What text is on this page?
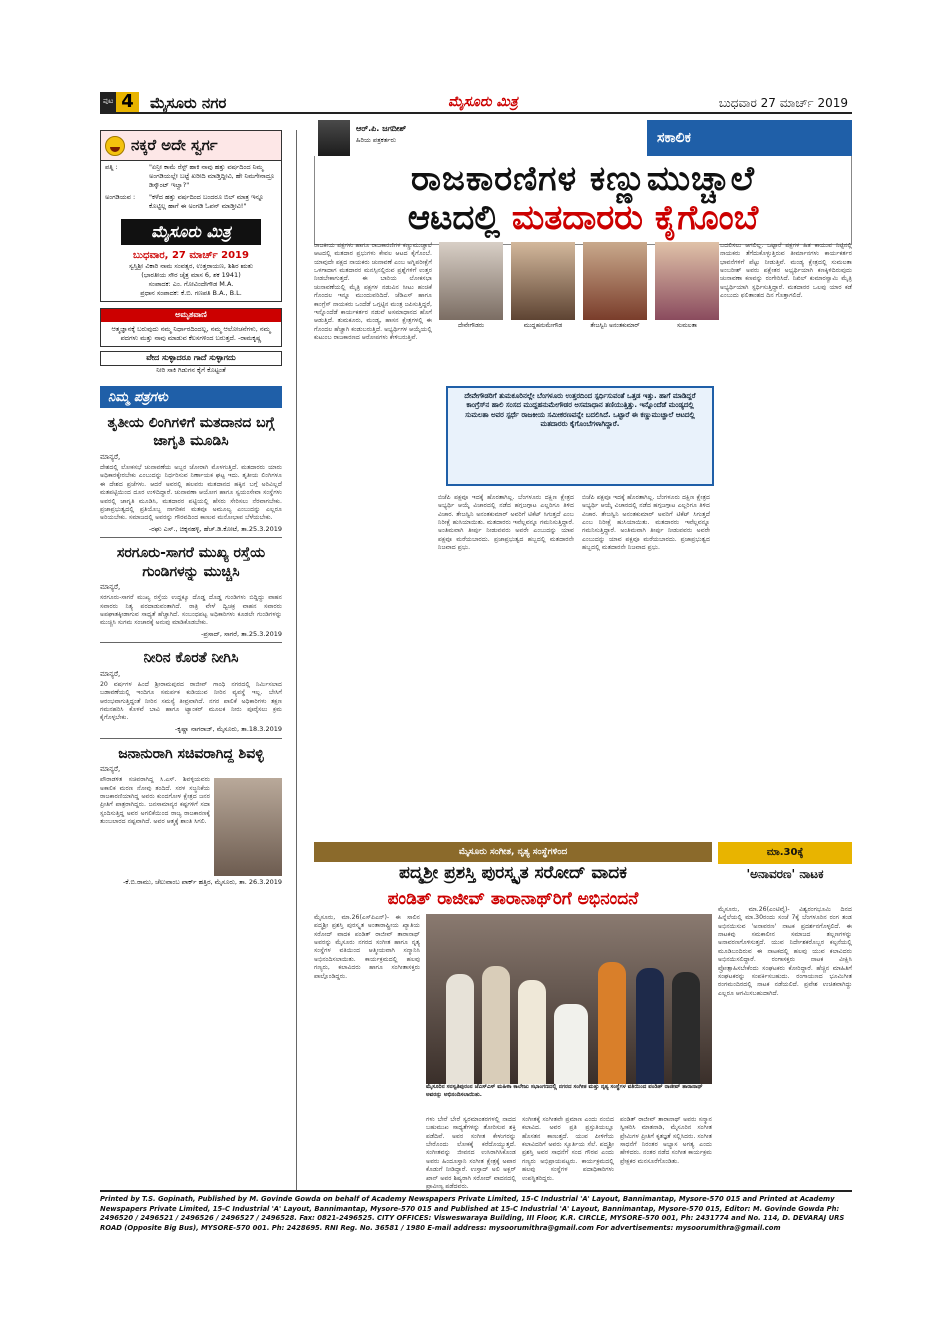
ಪುಟ 4	ಮೈಸೂರು ನಗರ	ಮೈಸೂರು ಮಿತ್ರ	ಬುಧವಾರ 27 ಮಾರ್ಚ್ 2019
ನಕ್ಕರೆ ಅದೇ ಸ್ವರ್ಗ
ಪತ್ನಿ :	"ಏನ್ರೀ ಕಾಮೆ ರೆಸ್ಟ್ ಹಾಕಿ ನಾವು ಹತ್ತು ವರ್ಷದಿಂದ ನಿಮ್ಮ ಅಂಗಡಿಯಲ್ಲೇ ಬಟ್ಟೆ ಖರೀದಿ ಮಾಡ್ತಿದ್ದೀವಿ, ಹೇ ನಿಮಗೇನಾದ್ರೂ ಡಿಸ್ಕೌಂಟ್ ಇಲ್ವಾ?"
ಅಂಗಡಿಯವ :	"ಕಳೆದ ಹತ್ತು ವರ್ಷದಿಂದ ಬಂದರೂ ಬಿಲ್ ಮಾತ್ರ ಇನ್ನೂ ಕೊಟ್ಟಿಲ್ಲ ಹಾಗೆ ಈ ಅಂಗಡಿ ಓಪನ್ ಮಾಡ್ತೀವಿ!"
ಮೈಸೂರು ಮಿತ್ರ
ಬುಧವಾರ, 27 ಮಾರ್ಚ್ 2019
ಸ್ವಸ್ತಿಶ್ರೀ ವಿಕಾರಿ ನಾಮ ಸಂವತ್ಸರ, ಉತ್ತರಾಯಣ, ಶಿಶಿರ ಋತು
(ಭಾರತೀಯ ಸೌರ ಚೈತ್ರ ಮಾಸ 6, ಶಕ 1941)
ಸಂಪಾದಕ: ಎಂ. ಗೋವಿಂದೇಗೌಡ M.A.
ಪ್ರಧಾನ ಸಂಪಾದಕ: ಕೆ.ಬಿ. ಗಣಪತಿ B.A., B.L.
ಅಮೃತವಾಣಿ
ಆತ್ಮಜ್ಞಾನಕ್ಕೆ ಬರುವುದು ನಮ್ಮ ನಿರ್ಧಾರದಿಂದಲ್ಲ, ನಮ್ಮ ಆಲೋಚನೆಗಳು, ನಮ್ಮ ಪದಗಳು ಮತ್ತು ನಾವು ಮಾಡುವ ಕೆಲಸಗಳಿಂದ ಬರುತ್ತದೆ. -ರಾಮಕೃಷ್ಣ
ವೇದ ಸುಳ್ಳಾದರೂ ಗಾದೆ ಸುಳ್ಳಾಗದು
ನೀರಿ ಸಾಕಿ ಗಿಡುಗನ ಕೈಗೆ ಕೊಟ್ಟಂತೆ
ನಿಮ್ಮ ಪತ್ರಗಳು
ತೃತೀಯ ಲಿಂಗಿಗಳಿಗೆ ಮತದಾನದ ಬಗ್ಗೆ ಜಾಗೃತಿ ಮೂಡಿಸಿ
ಮಾನ್ಯರೆ,
ದೇಶದಲ್ಲಿ ಲೋಕಸಭೆ ಚುನಾವಣೆಯ ಅಬ್ಬರ ಜೋರಾಗಿ ಮೊಳಗುತ್ತಿದೆ. ಮತದಾರರು ಯಾರು ಅಧಿಕಾರಕ್ಕೇರಬೇಕು ಎಂಬುದನ್ನು ನಿರ್ಧರಿಸುವ ನಿರ್ಣಾಯಕ ಘಟ್ಟ ಇದು. ತೃತೀಯ ಲಿಂಗಿಗಳೂ ಈ ದೇಶದ ಪ್ರಜೆಗಳು. ಆದರೆ ಅವರಲ್ಲಿ ಹಲವರು ಮತದಾನದ ಹಕ್ಕಿನ ಬಗ್ಗೆ ಅರಿವಿಲ್ಲದೆ ಮತಪಟ್ಟಿಯಿಂದ ದೂರ ಉಳಿದಿದ್ದಾರೆ. ಚುನಾವಣಾ ಆಯೋಗ ಹಾಗೂ ಸ್ವಯಂಸೇವಾ ಸಂಸ್ಥೆಗಳು ಅವರಲ್ಲಿ ಜಾಗೃತಿ ಮೂಡಿಸಿ, ಮತದಾರರ ಪಟ್ಟಿಯಲ್ಲಿ ಹೆಸರು ಸೇರಿಸಲು ನೆರವಾಗಬೇಕು. ಪ್ರಜಾಪ್ರಭುತ್ವದಲ್ಲಿ ಪ್ರತಿಯೊಬ್ಬ ನಾಗರಿಕನ ಮತವೂ ಅಮೂಲ್ಯ ಎಂಬುದನ್ನು ಎಲ್ಲರೂ ಅರಿಯಬೇಕು. ಸಮಾಜದಲ್ಲಿ ಅವರನ್ನು ಗೌರವದಿಂದ ಕಾಣುವ ಮನೋಭಾವ ಬೆಳೆಯಬೇಕು.
-ರಘು ಎಸ್., ಚಿಕ್ಕನಹಳ್ಳಿ, ಹೆಚ್.ಡಿ.ಕೋಟೆ, ತಾ.25.3.2019
ಸರಗೂರು-ಸಾಗರೆ ಮುಖ್ಯ ರಸ್ತೆಯ ಗುಂಡಿಗಳನ್ನು ಮುಚ್ಚಿಸಿ
ಮಾನ್ಯರೆ,
ಸರಗೂರು-ಸಾಗರೆ ಮುಖ್ಯ ರಸ್ತೆಯ ಉದ್ದಕ್ಕೂ ದೊಡ್ಡ ದೊಡ್ಡ ಗುಂಡಿಗಳು ಬಿದ್ದಿದ್ದು ವಾಹನ ಸವಾರರು ನಿತ್ಯ ಪರದಾಡುವಂತಾಗಿದೆ. ರಾತ್ರಿ ವೇಳೆ ದ್ವಿಚಕ್ರ ವಾಹನ ಸವಾರರು ಅಪಘಾತಕ್ಕೀಡಾಗುವ ಸಾಧ್ಯತೆ ಹೆಚ್ಚಾಗಿದೆ. ಸಂಬಂಧಪಟ್ಟ ಅಧಿಕಾರಿಗಳು ಕೂಡಲೇ ಗುಂಡಿಗಳನ್ನು ಮುಚ್ಚಿಸಿ ಸುಗಮ ಸಂಚಾರಕ್ಕೆ ಅನುವು ಮಾಡಿಕೊಡಬೇಕು.
-ಪ್ರಸಾದ್, ಸಾಗರೆ, ತಾ.25.3.2019
ನೀರಿನ ಕೊರತೆ ನೀಗಿಸಿ
ಮಾನ್ಯರೆ,
20 ವರ್ಷಗಳ ಹಿಂದೆ ಶ್ರೀರಾಮಪುರದ ರಾಜೀವ್ ಗಾಂಧಿ ನಗರದಲ್ಲಿ ನಿರ್ಮಿಸಲಾದ ಬಡಾವಣೆಯಲ್ಲಿ ಇಂದಿಗೂ ಸಮರ್ಪಕ ಕುಡಿಯುವ ನೀರಿನ ವ್ಯವಸ್ಥೆ ಇಲ್ಲ. ಬೇಸಿಗೆ ಆರಂಭವಾಗುತ್ತಿದ್ದಂತೆ ನೀರಿನ ಸಮಸ್ಯೆ ತೀವ್ರವಾಗಿದೆ. ನಗರ ಪಾಲಿಕೆ ಅಧಿಕಾರಿಗಳು ತಕ್ಷಣ ಗಮನಹರಿಸಿ ಕೊಳವೆ ಬಾವಿ ಹಾಗೂ ಟ್ಯಾಂಕರ್ ಮೂಲಕ ನೀರು ಪೂರೈಸಲು ಕ್ರಮ ಕೈಗೊಳ್ಳಬೇಕು.
-ಕೃಷ್ಣಾ ನಾಗರಾಜ್, ಮೈಸೂರು, ತಾ.18.3.2019
ಜನಾನುರಾಗಿ ಸಚಿವರಾಗಿದ್ದ ಶಿವಳ್ಳಿ
ಮಾನ್ಯರೆ,
ಪೌರಾಡಳಿತ ಸಚಿವರಾಗಿದ್ದ ಸಿ.ಎಸ್. ಶಿವಳ್ಳಿಯವರು ಅಕಾಲಿಕ ಮರಣ ನೋವು ತಂದಿದೆ. ಸರಳ ಸಜ್ಜನಿಕೆಯ ರಾಜಕಾರಣಿಯಾಗಿದ್ದ ಅವರು ಕುಂದಗೋಳ ಕ್ಷೇತ್ರದ ಜನರ ಪ್ರೀತಿಗೆ ಪಾತ್ರರಾಗಿದ್ದರು. ಜನಸಾಮಾನ್ಯರ ಕಷ್ಟಗಳಿಗೆ ಸದಾ ಸ್ಪಂದಿಸುತ್ತಿದ್ದ ಅವರ ಅಗಲಿಕೆಯಿಂದ ರಾಜ್ಯ ರಾಜಕಾರಣಕ್ಕೆ ತುಂಬಲಾರದ ನಷ್ಟವಾಗಿದೆ. ಅವರ ಆತ್ಮಕ್ಕೆ ಶಾಂತಿ ಸಿಗಲಿ.
-ಕೆ.ಬಿ.ರಾಮು, ಚೆಲುವಾಂಬ ಪಾರ್ಕ್ ಹತ್ತಿರ, ಮೈಸೂರು, ತಾ. 26.3.2019
ಆರ್.ಪಿ. ಜಗದೀಶ್
ಹಿರಿಯ ಪತ್ರಕರ್ತರು	ಸಕಾಲಿಕ
ರಾಜಕಾರಣಿಗಳ ಕಣ್ಣುಮುಚ್ಚಾಲೆ
ಆಟದಲ್ಲಿ ಮತದಾರರು ಕೈಗೊಂಬೆ
ರಾಜಕೀಯ ಪಕ್ಷಗಳು ಹಾಗೂ ರಾಜಕಾರಣಿಗಳ ಕಣ್ಣುಮುಚ್ಚಾಲೆ ಆಟದಲ್ಲಿ ಮತದಾರ ಪ್ರಭುಗಳು ಕೇವಲ ಆಟದ ಕೈಗೊಂಬೆ. ಯಾವುದೇ ಪಕ್ಷದ ನಾಯಕರು ಚುನಾವಣೆ ಎಂಬ ಅಗ್ನಿಪರೀಕ್ಷೆಗೆ ಒಳಗಾದಾಗ ಮತದಾರರ ಮನಸ್ಸಿನಲ್ಲಿರುವ ಪ್ರಶ್ನೆಗಳಿಗೆ ಉತ್ತರ ನೀಡಬೇಕಾಗುತ್ತದೆ. ಈ ಬಾರಿಯ ಲೋಕಸಭಾ ಚುನಾವಣೆಯಲ್ಲಿ ಮೈತ್ರಿ ಪಕ್ಷಗಳ ನಡುವಿನ ಸೀಟು ಹಂಚಿಕೆ ಗೊಂದಲ ಇನ್ನೂ ಮುಂದುವರಿದಿದೆ. ಜೆಡಿಎಸ್ ಹಾಗೂ ಕಾಂಗ್ರೆಸ್ ನಾಯಕರು ಒಂದೆಡೆ ಒಗ್ಗಟ್ಟಿನ ಮಂತ್ರ ಜಪಿಸುತ್ತಿದ್ದರೆ, ಇನ್ನೊಂದೆಡೆ ಕಾರ್ಯಕರ್ತರ ನಡುವೆ ಅಸಮಾಧಾನದ ಹೊಗೆ ಆಡುತ್ತಿದೆ. ತುಮಕೂರು, ಮಂಡ್ಯ, ಹಾಸನ ಕ್ಷೇತ್ರಗಳಲ್ಲಿ ಈ ಗೊಂದಲ ಹೆಚ್ಚಾಗಿ ಕಂಡುಬರುತ್ತಿದೆ. ಅಭ್ಯರ್ಥಿಗಳ ಆಯ್ಕೆಯಲ್ಲಿ ಕುಟುಂಬ ರಾಜಕಾರಣದ ಆರೋಪಗಳು ಕೇಳಿಬರುತ್ತಿವೆ.
ದೇವೇಗೌಡರು	ಮುದ್ದಹನುಮೇಗೌಡ	ತೇಜಸ್ವಿನಿ ಅನಂತಕುಮಾರ್	ಸುಮಲತಾ
ದೇವೇಗೌಡರಿಗೆ ತುಮಕೂರಿನಲ್ಲೇ ಬೆಂಗಳೂರು ಉತ್ತರದಿಂದ ಸ್ಪರ್ಧಿಸುವಂತೆ ಒತ್ತಡ ಇತ್ತು. ಹಾಗೆ ಮಾಡಿದ್ದರೆ ಕಾಂಗ್ರೆಸ್‌ನ ಹಾಲಿ ಸಂಸದ ಮುದ್ದಹನುಮೇಗೌಡರ ಅಸಮಾಧಾನ ತಣಿಯುತ್ತಿತ್ತು. ಇನ್ನೊಂದೆಡೆ ಮಂಡ್ಯದಲ್ಲಿ ಸುಮಲತಾ ಅವರ ಸ್ಪರ್ಧೆ ರಾಜಕೀಯ ಸಮೀಕರಣವನ್ನೇ ಬದಲಿಸಿದೆ. ಒಟ್ಟಾರೆ ಈ ಕಣ್ಣುಮುಚ್ಚಾಲೆ ಆಟದಲ್ಲಿ ಮತದಾರರು ಕೈಗೊಂಬೆಗಳಾಗಿದ್ದಾರೆ.
ಬಿಜೆಪಿ ಪಕ್ಷವೂ ಇದಕ್ಕೆ ಹೊರತಾಗಿಲ್ಲ. ಬೆಂಗಳೂರು ದಕ್ಷಿಣ ಕ್ಷೇತ್ರದ ಅಭ್ಯರ್ಥಿ ಆಯ್ಕೆ ವಿಚಾರದಲ್ಲಿ ನಡೆದ ಹಗ್ಗಜಗ್ಗಾಟ ಎಲ್ಲರಿಗೂ ತಿಳಿದ ವಿಚಾರ. ತೇಜಸ್ವಿನಿ ಅನಂತಕುಮಾರ್ ಅವರಿಗೆ ಟಿಕೆಟ್ ಸಿಗುತ್ತದೆ ಎಂಬ ನಿರೀಕ್ಷೆ ಹುಸಿಯಾಯಿತು. ಮತದಾರರು ಇವೆಲ್ಲವನ್ನೂ ಗಮನಿಸುತ್ತಿದ್ದಾರೆ. ಅಂತಿಮವಾಗಿ ತೀರ್ಪು ನೀಡುವವರು ಅವರೇ ಎಂಬುದನ್ನು ಯಾವ ಪಕ್ಷವೂ ಮರೆಯಬಾರದು. ಪ್ರಜಾಪ್ರಭುತ್ವದ ಹಬ್ಬದಲ್ಲಿ ಮತದಾರನೇ ನಿಜವಾದ ಪ್ರಭು.
ಬಿಜೆಪಿ ಪಕ್ಷವೂ ಇದಕ್ಕೆ ಹೊರತಾಗಿಲ್ಲ. ಬೆಂಗಳೂರು ದಕ್ಷಿಣ ಕ್ಷೇತ್ರದ ಅಭ್ಯರ್ಥಿ ಆಯ್ಕೆ ವಿಚಾರದಲ್ಲಿ ನಡೆದ ಹಗ್ಗಜಗ್ಗಾಟ ಎಲ್ಲರಿಗೂ ತಿಳಿದ ವಿಚಾರ. ತೇಜಸ್ವಿನಿ ಅನಂತಕುಮಾರ್ ಅವರಿಗೆ ಟಿಕೆಟ್ ಸಿಗುತ್ತದೆ ಎಂಬ ನಿರೀಕ್ಷೆ ಹುಸಿಯಾಯಿತು. ಮತದಾರರು ಇವೆಲ್ಲವನ್ನೂ ಗಮನಿಸುತ್ತಿದ್ದಾರೆ. ಅಂತಿಮವಾಗಿ ತೀರ್ಪು ನೀಡುವವರು ಅವರೇ ಎಂಬುದನ್ನು ಯಾವ ಪಕ್ಷವೂ ಮರೆಯಬಾರದು. ಪ್ರಜಾಪ್ರಭುತ್ವದ ಹಬ್ಬದಲ್ಲಿ ಮತದಾರನೇ ನಿಜವಾದ ಪ್ರಭು.
ಬದಲಿಸಲು ಆಗಲಿಲ್ಲ. ಒಟ್ಟಾರೆ ಪಕ್ಷಗಳ ಹಿತ ಕಾಯುವ ನಿಟ್ಟಿನಲ್ಲಿ ನಾಯಕರು ತೆಗೆದುಕೊಳ್ಳುತ್ತಿರುವ ತೀರ್ಮಾನಗಳು ಕಾರ್ಯಕರ್ತರ ಭಾವನೆಗಳಿಗೆ ಪೆಟ್ಟು ನೀಡುತ್ತಿವೆ. ಮಂಡ್ಯ ಕ್ಷೇತ್ರದಲ್ಲಿ ಸುಮಲತಾ ಅಂಬರೀಶ್ ಅವರು ಪಕ್ಷೇತರ ಅಭ್ಯರ್ಥಿಯಾಗಿ ಕಣಕ್ಕಿಳಿದಿರುವುದು ಚುನಾವಣಾ ಕಣವನ್ನು ರಂಗೇರಿಸಿದೆ. ನಿಖಿಲ್ ಕುಮಾರಸ್ವಾಮಿ ಮೈತ್ರಿ ಅಭ್ಯರ್ಥಿಯಾಗಿ ಸ್ಪರ್ಧಿಸುತ್ತಿದ್ದಾರೆ. ಮತದಾರರ ಒಲವು ಯಾರ ಕಡೆ ಎಂಬುದು ಫಲಿತಾಂಶದ ದಿನ ಗೊತ್ತಾಗಲಿದೆ.
ಮೈಸೂರು ಸಂಗೀತ, ನೃತ್ಯ ಸಂಸ್ಥೆಗಳಿಂದ
ಪದ್ಮಶ್ರೀ ಪ್ರಶಸ್ತಿ ಪುರಸ್ಕೃತ ಸರೋದ್ ವಾದಕ
ಪಂಡಿತ್ ರಾಜೀವ್ ತಾರಾನಾಥ್‌ರಿಗೆ ಅಭಿನಂದನೆ
ಮೈಸೂರು, ಮಾ.26(ಎಸ್‌ಪಿಎನ್)- ಈ ಸಾಲಿನ ಪದ್ಮಶ್ರೀ ಪ್ರಶಸ್ತಿ ಪುರಸ್ಕೃತ ಅಂತಾರಾಷ್ಟ್ರೀಯ ಖ್ಯಾತಿಯ ಸರೋದ್ ವಾದಕ ಪಂಡಿತ್ ರಾಜೀವ್ ತಾರಾನಾಥ್ ಅವರನ್ನು ಮೈಸೂರು ನಗರದ ಸಂಗೀತ ಹಾಗೂ ನೃತ್ಯ ಸಂಸ್ಥೆಗಳ ವತಿಯಿಂದ ಆತ್ಮೀಯವಾಗಿ ಸನ್ಮಾನಿಸಿ ಅಭಿನಂದಿಸಲಾಯಿತು. ಕಾರ್ಯಕ್ರಮದಲ್ಲಿ ಹಲವು ಗಣ್ಯರು, ಕಲಾವಿದರು ಹಾಗೂ ಸಂಗೀತಾಸಕ್ತರು ಪಾಲ್ಗೊಂಡಿದ್ದರು.
ಮೈಸೂರಿನ ಸರಸ್ವತಿಪುರಂನ ಜೆಎಸ್‌ಎಸ್ ಮಹಿಳಾ ಕಾಲೇಜು ಸಭಾಂಗಣದಲ್ಲಿ ನಗರದ ಸಂಗೀತ ಮತ್ತು ನೃತ್ಯ ಸಂಸ್ಥೆಗಳ ವತಿಯಿಂದ ಪಂಡಿತ್ ರಾಜೀವ್ ತಾರಾನಾಥ್ ಅವರನ್ನು ಅಭಿನಂದಿಸಲಾಯಿತು.
ಗಳು ಬೇರೆ ಬೇರೆ ಸ್ವರಮಾಂತರಗಳಲ್ಲಿ ನಾದದ ಬಹುಮುಖ ಸಾಧ್ಯತೆಗಳನ್ನು ತೋರಿಸುವ ಶಕ್ತಿ ಪಡೆದಿವೆ. ಅವರ ಸಂಗೀತ ಕೇಳುಗರನ್ನು ಬೇರೊಂದು ಲೋಕಕ್ಕೆ ಕರೆದೊಯ್ಯುತ್ತದೆ. ಸಂಗೀತವನ್ನು ಜೀವನದ ಉಸಿರಾಗಿಸಿಕೊಂಡ ಅವರು ಹಿಂದೂಸ್ತಾನಿ ಸಂಗೀತ ಕ್ಷೇತ್ರಕ್ಕೆ ಅಪಾರ ಕೊಡುಗೆ ನೀಡಿದ್ದಾರೆ. ಉಸ್ತಾದ್ ಅಲಿ ಅಕ್ಬರ್ ಖಾನ್ ಅವರ ಶಿಷ್ಯರಾಗಿ ಸರೋದ್ ವಾದನದಲ್ಲಿ ಪ್ರಾವೀಣ್ಯ ಪಡೆದವರು.
ಸಂಗೀತಕ್ಕೆ ಸಂಗೀತವೇ ಪ್ರಮಾಣ ಎಂದು ನಂಬಿದ ಕಲಾವಿದ. ಅವರ ಪ್ರತಿ ಪ್ರಸ್ತುತಿಯಲ್ಲೂ ಹೊಸತನ ಕಾಣುತ್ತದೆ. ಯುವ ಪೀಳಿಗೆಯ ಕಲಾವಿದರಿಗೆ ಅವರು ಸ್ಫೂರ್ತಿಯ ಸೆಲೆ. ಪದ್ಮಶ್ರೀ ಪ್ರಶಸ್ತಿ ಅವರ ಸಾಧನೆಗೆ ಸಂದ ಗೌರವ ಎಂದು ಗಣ್ಯರು ಅಭಿಪ್ರಾಯಪಟ್ಟರು. ಕಾರ್ಯಕ್ರಮದಲ್ಲಿ ಹಲವು ಸಂಸ್ಥೆಗಳ ಪದಾಧಿಕಾರಿಗಳು ಉಪಸ್ಥಿತರಿದ್ದರು.
ಪಂಡಿತ್ ರಾಜೀವ್ ತಾರಾನಾಥ್ ಅವರು ಸನ್ಮಾನ ಸ್ವೀಕರಿಸಿ ಮಾತನಾಡಿ, ಮೈಸೂರಿನ ಸಂಗೀತ ಪ್ರೇಮಿಗಳ ಪ್ರೀತಿಗೆ ಕೃತಜ್ಞತೆ ಸಲ್ಲಿಸಿದರು. ಸಂಗೀತ ಸಾಧನೆಗೆ ನಿರಂತರ ಅಭ್ಯಾಸ ಅಗತ್ಯ ಎಂದು ಹೇಳಿದರು. ನಂತರ ನಡೆದ ಸಂಗೀತ ಕಾರ್ಯಕ್ರಮ ಪ್ರೇಕ್ಷಕರ ಮನಸೂರೆಗೊಂಡಿತು.
ಮಾ.30ಕ್ಕೆ
'ಅನಾವರಣ' ನಾಟಕ
ಮೈಸೂರು, ಮಾ.26(ಎಂಟಿವೈ)- ವಿಶ್ವರಂಗಭೂಮಿ ದಿನದ ಹಿನ್ನೆಲೆಯಲ್ಲಿ ಮಾ.30ರಂದು ಸಂಜೆ 7ಕ್ಕೆ ಬೆಂಗಳೂರಿನ ರಂಗ ತಂಡ ಅಭಿನಯಿಸುವ 'ಅನಾವರಣ' ನಾಟಕ ಪ್ರದರ್ಶನಗೊಳ್ಳಲಿದೆ. ಈ ನಾಟಕವು ಸಮಕಾಲೀನ ಸಮಾಜದ ತಲ್ಲಣಗಳನ್ನು ಅನಾವರಣಗೊಳಿಸುತ್ತದೆ. ಯುವ ನಿರ್ದೇಶಕರೊಬ್ಬರ ಕಲ್ಪನೆಯಲ್ಲಿ ಮೂಡಿಬಂದಿರುವ ಈ ನಾಟಕದಲ್ಲಿ ಹಲವು ಯುವ ಕಲಾವಿದರು ಅಭಿನಯಿಸಲಿದ್ದಾರೆ. ರಂಗಾಸಕ್ತರು ನಾಟಕ ವೀಕ್ಷಿಸಿ ಪ್ರೋತ್ಸಾಹಿಸಬೇಕೆಂದು ಸಂಘಟಕರು ಕೋರಿದ್ದಾರೆ. ಹೆಚ್ಚಿನ ಮಾಹಿತಿಗೆ ಸಂಘಟಕರನ್ನು ಸಂಪರ್ಕಿಸಬಹುದು. ರಂಗಾಯಣದ ಭೂಮಿಗೀತ ರಂಗಮಂದಿರದಲ್ಲಿ ನಾಟಕ ನಡೆಯಲಿದೆ. ಪ್ರವೇಶ ಉಚಿತವಾಗಿದ್ದು ಎಲ್ಲರೂ ಆಗಮಿಸಬಹುದಾಗಿದೆ.
Printed by T.S. Gopinath, Published by M. Govinde Gowda on behalf of Academy Newspapers Private Limited, 15-C Industrial 'A' Layout, Bannimantap, Mysore-570 015 and Printed at Academy Newspapers Private Limited, 15-C Industrial 'A' Layout, Bannimantap, Mysore-570 015 and Published at 15-C Industrial 'A' Layout, Bannimantap, Mysore-570 015, Editor: M. Govinde Gowda Ph: 2496520 / 2496521 / 2496526 / 2496527 / 2496528. Fax: 0821-2496525. CITY OFFICES: Visweswaraya Building, III Floor, K.R. CIRCLE, MYSORE-570 001, Ph: 2431774 and No. 114, D. DEVARAJ URS ROAD (Opposite Big Bus), MYSORE-570 001. Ph: 2428695. RNI Reg. No. 36581 / 1980 E-mail address: mysoorumithra@gmail.com For advertisements: mysoorumithra@gmail.com
